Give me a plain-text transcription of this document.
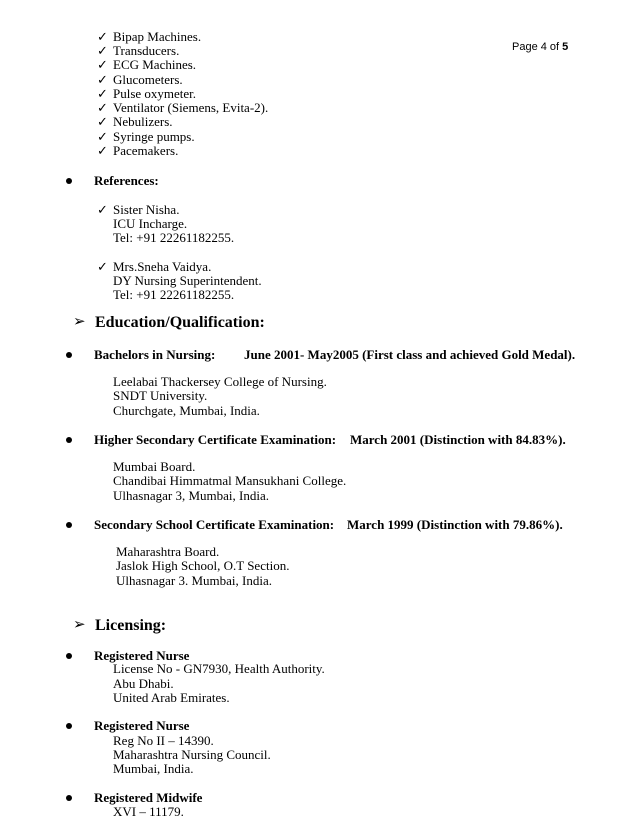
Page 4 of 5
✓ Bipap Machines.
✓ Transducers.
✓ ECG Machines.
✓ Glucometers.
✓ Pulse oxymeter.
✓ Ventilator (Siemens, Evita-2).
✓ Nebulizers.
✓ Syringe pumps.
✓ Pacemakers.
References:
✓ Sister Nisha.
ICU Incharge.
Tel: +91 22261182255.
✓ Mrs.Sneha Vaidya.
DY Nursing Superintendent.
Tel: +91 22261182255.
➢ Education/Qualification:
Bachelors in Nursing: June 2001- May2005 (First class and achieved Gold Medal).
Leelabai Thackersey College of Nursing.
SNDT University.
Churchgate, Mumbai, India.
Higher Secondary Certificate Examination: March 2001 (Distinction with 84.83%).
Mumbai Board.
Chandibai Himmatmal Mansukhani College.
Ulhasnagar 3, Mumbai, India.
Secondary School Certificate Examination: March 1999 (Distinction with 79.86%).
Maharashtra Board.
Jaslok High School, O.T Section.
Ulhasnagar 3. Mumbai, India.
➢ Licensing:
Registered Nurse
License No - GN7930, Health Authority.
Abu Dhabi.
United Arab Emirates.
Registered Nurse
Reg No II – 14390.
Maharashtra Nursing Council.
Mumbai, India.
Registered Midwife
XVI – 11179.
